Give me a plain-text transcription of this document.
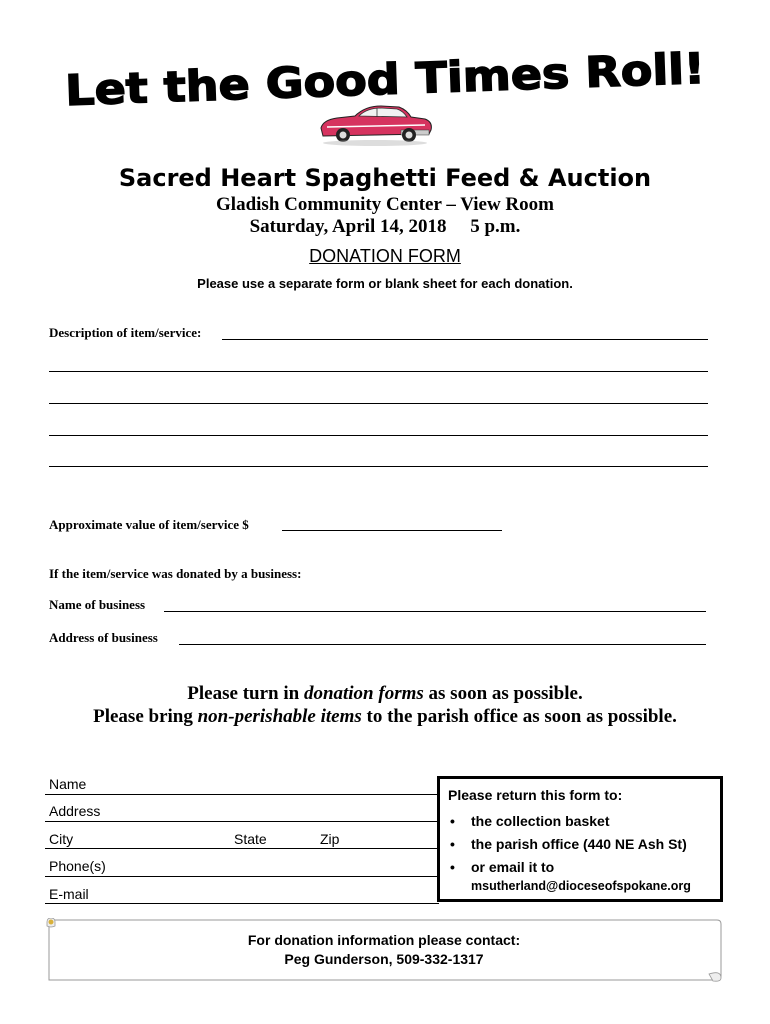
Let the Good Times Roll!
Sacred Heart Spaghetti Feed & Auction
Gladish Community Center – View Room
Saturday, April 14, 2018     5 p.m.
DONATION FORM
Please use a separate form or blank sheet for each donation.
Description of item/service:
Approximate value of item/service $
If the item/service was donated by a business:
Name of business
Address of business
Please turn in donation forms as soon as possible.
Please bring non-perishable items to the parish office as soon as possible.
Name
Address
City	State	Zip
Phone(s)
E-mail
Please return this form to:
• the collection basket
• the parish office (440 NE Ash St)
• or email it to
msutherland@dioceseofspokane.org
For donation information please contact:
Peg Gunderson, 509-332-1317
